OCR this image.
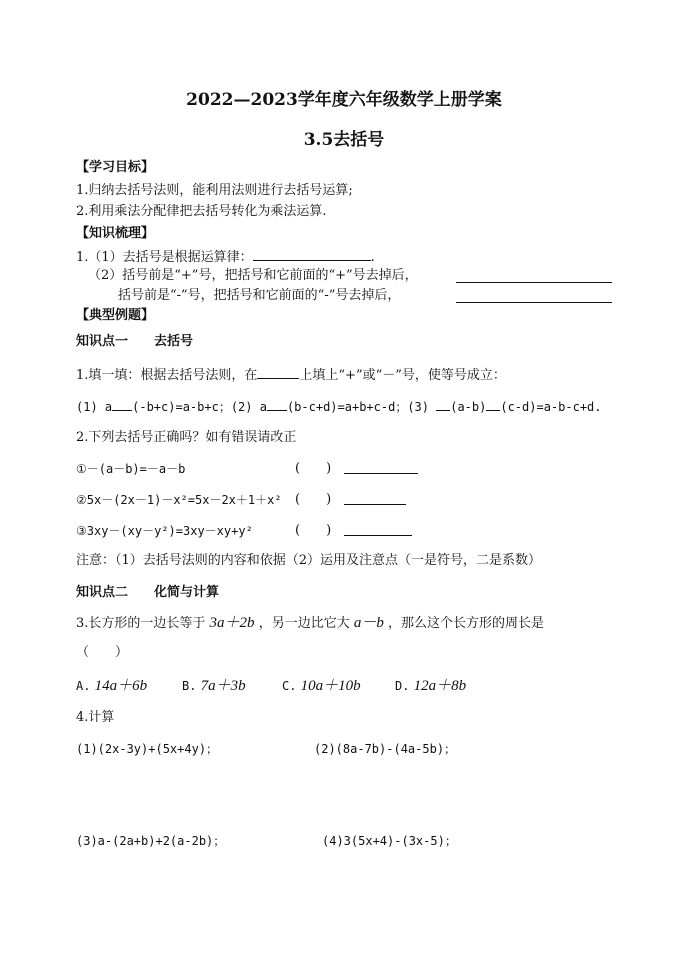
2022—2023学年度六年级数学上册学案
3.5去括号
【学习目标】
1.归纳去括号法则，能利用法则进行去括号运算;
2.利用乘法分配律把去括号转化为乘法运算.
【知识梳理】
1.（1）去括号是根据运算律：	.
（2）括号前是“+”号，把括号和它前面的“+”号去掉后，
括号前是“-”号，把括号和它前面的“-”号去掉后，
【典型例题】
知识点一　　去括号
1.填一填：根据去括号法则，在	上填上“+”或“－”号，使等号成立：
(1) a (-b+c)=a-b+c；(2) a (b-c+d)=a+b+c-d；(3) (a-b) (c-d)=a-b-c+d.
2.下列去括号正确吗？如有错误请改正
①－(a－b)=－a－b	(　　)
②5x－(2x－1)－x²=5x－2x＋1＋x² (　　)
③3xy－(xy－y²)=3xy－xy+y²	(　　)
注意：（1）去括号法则的内容和依据（2）运用及注意点（一是符号，二是系数）
知识点二　　化简与计算
3.长方形的一边长等于 3a＋2b ，另一边比它大 a－b ，那么这个长方形的周长是
（　　）
A. 14a＋6b	B. 7a＋3b	C. 10a＋10b	D. 12a＋8b
4.计算
(1)(2x-3y)+(5x+4y)；	(2)(8a-7b)-(4a-5b)；
(3)a-(2a+b)+2(a-2b)；	(4)3(5x+4)-(3x-5)；
